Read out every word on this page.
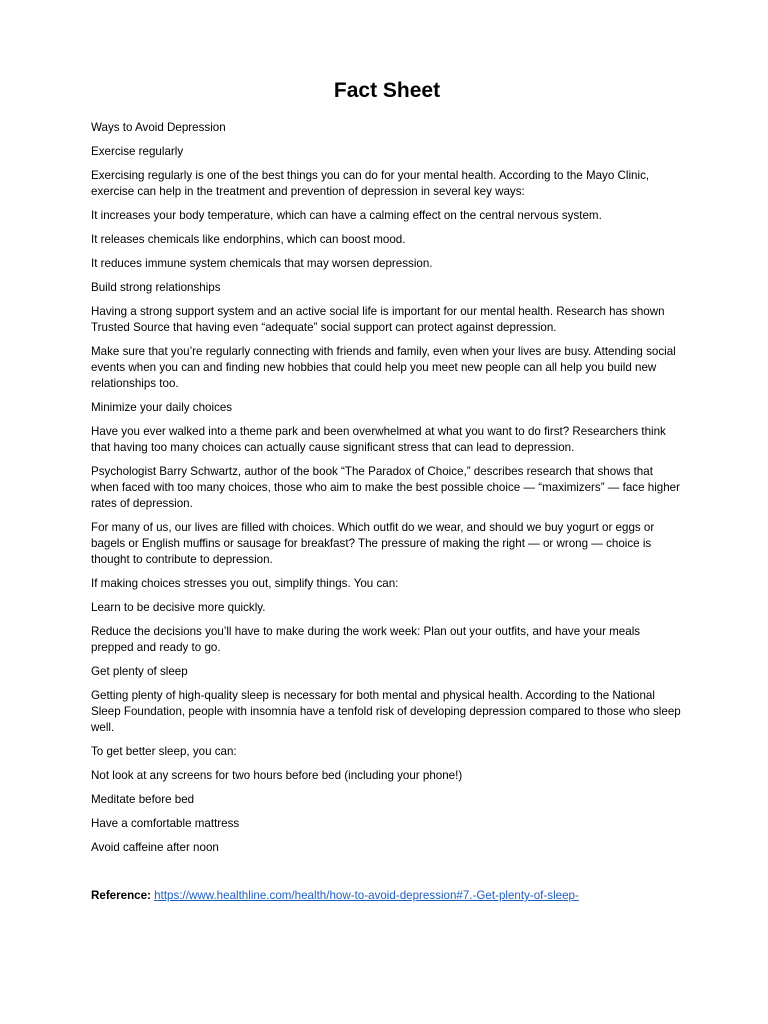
Fact Sheet
Ways to Avoid Depression
Exercise regularly
Exercising regularly is one of the best things you can do for your mental health. According to the Mayo Clinic, exercise can help in the treatment and prevention of depression in several key ways:
It increases your body temperature, which can have a calming effect on the central nervous system.
It releases chemicals like endorphins, which can boost mood.
It reduces immune system chemicals that may worsen depression.
Build strong relationships
Having a strong support system and an active social life is important for our mental health. Research has shown Trusted Source that having even “adequate” social support can protect against depression.
Make sure that you’re regularly connecting with friends and family, even when your lives are busy. Attending social events when you can and finding new hobbies that could help you meet new people can all help you build new relationships too.
Minimize your daily choices
Have you ever walked into a theme park and been overwhelmed at what you want to do first? Researchers think that having too many choices can actually cause significant stress that can lead to depression.
Psychologist Barry Schwartz, author of the book “The Paradox of Choice,” describes research that shows that when faced with too many choices, those who aim to make the best possible choice — “maximizers” — face higher rates of depression.
For many of us, our lives are filled with choices. Which outfit do we wear, and should we buy yogurt or eggs or bagels or English muffins or sausage for breakfast? The pressure of making the right — or wrong — choice is thought to contribute to depression.
If making choices stresses you out, simplify things. You can:
Learn to be decisive more quickly.
Reduce the decisions you’ll have to make during the work week: Plan out your outfits, and have your meals prepped and ready to go.
Get plenty of sleep
Getting plenty of high-quality sleep is necessary for both mental and physical health. According to the National Sleep Foundation, people with insomnia have a tenfold risk of developing depression compared to those who sleep well.
To get better sleep, you can:
Not look at any screens for two hours before bed (including your phone!)
Meditate before bed
Have a comfortable mattress
Avoid caffeine after noon
Reference: https://www.healthline.com/health/how-to-avoid-depression#7.-Get-plenty-of-sleep-
